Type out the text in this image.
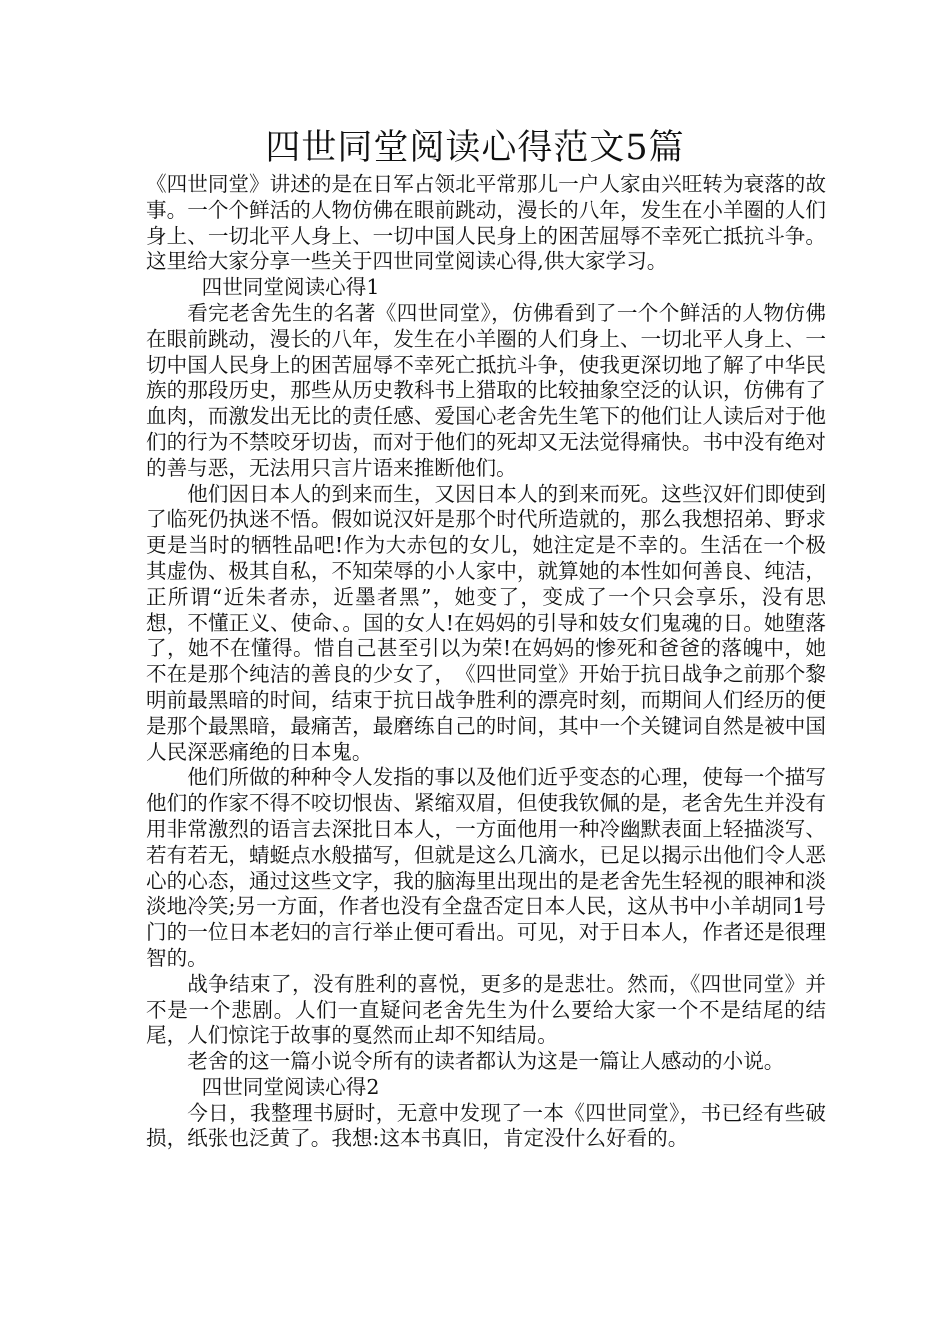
四世同堂阅读心得范文5篇

《四世同堂》讲述的是在日军占领北平常那儿一户人家由兴旺转为衰落的故事。一个个鲜活的人物仿佛在眼前跳动，漫长的八年，发生在小羊圈的人们身上、一切北平人身上、一切中国人民身上的困苦屈辱不幸死亡抵抗斗争。这里给大家分享一些关于四世同堂阅读心得,供大家学习。

四世同堂阅读心得1

看完老舍先生的名著《四世同堂》，仿佛看到了一个个鲜活的人物仿佛在眼前跳动，漫长的八年，发生在小羊圈的人们身上、一切北平人身上、一切中国人民身上的困苦屈辱不幸死亡抵抗斗争，使我更深切地了解了中华民族的那段历史，那些从历史教科书上猎取的比较抽象空泛的认识，仿佛有了血肉，而激发出无比的责任感、爱国心老舍先生笔下的他们让人读后对于他们的行为不禁咬牙切齿，而对于他们的死却又无法觉得痛快。书中没有绝对的善与恶，无法用只言片语来推断他们。

他们因日本人的到来而生，又因日本人的到来而死。这些汉奸们即使到了临死仍执迷不悟。假如说汉奸是那个时代所造就的，那么我想招弟、野求更是当时的牺牲品吧!作为大赤包的女儿，她注定是不幸的。生活在一个极其虚伪、极其自私，不知荣辱的小人家中，就算她的本性如何善良、纯洁，正所谓“近朱者赤，近墨者黑”，她变了，变成了一个只会享乐，没有思想，不懂正义、使命、。国的女人!在妈妈的引导和妓女们鬼魂的日。她堕落了，她不在懂得。惜自己甚至引以为荣!在妈妈的惨死和爸爸的落魄中，她不在是那个纯洁的善良的少女了，　《四世同堂》开始于抗日战争之前那个黎明前最黑暗的时间，结束于抗日战争胜利的漂亮时刻，而期间人们经历的便是那个最黑暗，最痛苦，最磨练自己的时间，其中一个关键词自然是被中国人民深恶痛绝的日本鬼。

他们所做的种种令人发指的事以及他们近乎变态的心理，使每一个描写他们的作家不得不咬切恨齿、紧缩双眉，但使我钦佩的是，老舍先生并没有用非常激烈的语言去深批日本人，一方面他用一种冷幽默表面上轻描淡写、若有若无，蜻蜓点水般描写，但就是这么几滴水，已足以揭示出他们令人恶心的心态，通过这些文字，我的脑海里出现出的是老舍先生轻视的眼神和淡淡地冷笑;另一方面，作者也没有全盘否定日本人民，这从书中小羊胡同1号门的一位日本老妇的言行举止便可看出。可见，对于日本人，作者还是很理智的。

战争结束了，没有胜利的喜悦，更多的是悲壮。然而，《四世同堂》并不是一个悲剧。人们一直疑问老舍先生为什么要给大家一个不是结尾的结尾，人们惊诧于故事的戛然而止却不知结局。

老舍的这一篇小说令所有的读者都认为这是一篇让人感动的小说。

四世同堂阅读心得2

今日，我整理书厨时，无意中发现了一本《四世同堂》，书已经有些破损，纸张也泛黄了。我想:这本书真旧，肯定没什么好看的。
